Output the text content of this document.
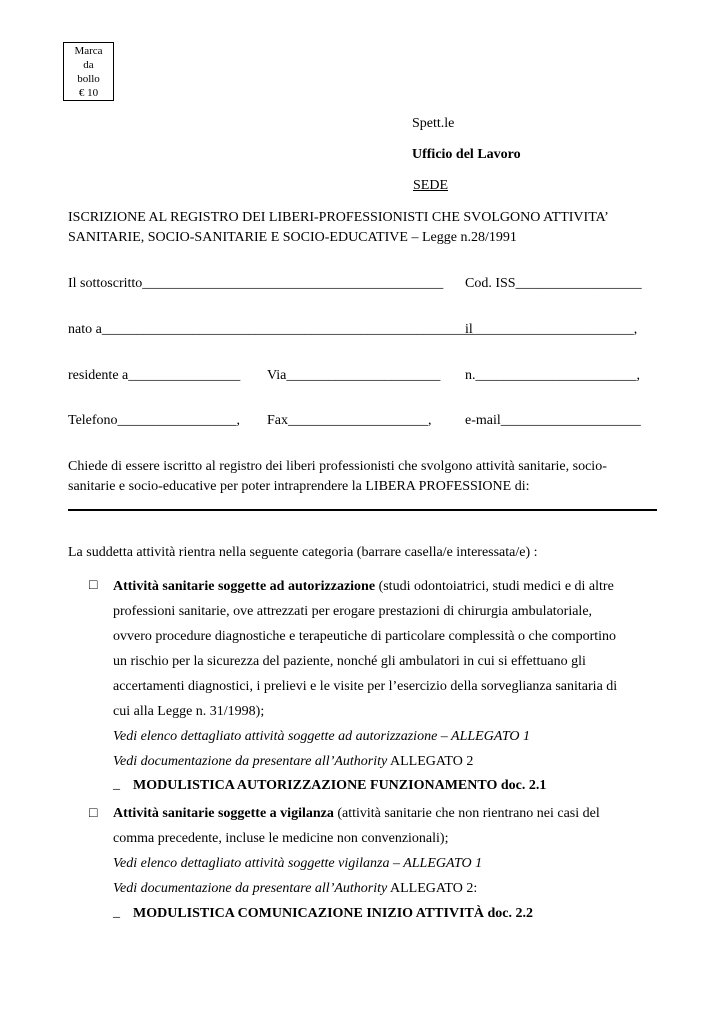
Marca
da
bollo
€ 10
Spett.le
Ufficio del Lavoro
SEDE
ISCRIZIONE AL REGISTRO DEI LIBERI-PROFESSIONISTI CHE SVOLGONO ATTIVITA’
SANITARIE, SOCIO-SANITARIE E SOCIO-EDUCATIVE – Legge n.28/1991
Il sottoscritto___________________________________________ Cod. ISS__________________
nato a_____________________________________________________
il_______________________,
residente a________________ Via______________________ n._______________________,
Telefono_________________, Fax____________________, e-mail____________________
Chiede di essere iscritto al registro dei liberi professionisti che svolgono attività sanitarie, socio-
sanitarie e socio-educative per poter intraprendere la LIBERA PROFESSIONE di:
La suddetta attività rientra nella seguente categoria (barrare casella/e interessata/e) :
□ Attività sanitarie soggette ad autorizzazione (studi odontoiatrici, studi medici e di altre
professioni sanitarie, ove attrezzati per erogare prestazioni di chirurgia ambulatoriale,
ovvero procedure diagnostiche e terapeutiche di particolare complessità o che comportino
un rischio per la sicurezza del paziente, nonché gli ambulatori in cui si effettuano gli
accertamenti diagnostici, i prelievi e le visite per l’esercizio della sorveglianza sanitaria di
cui alla Legge n. 31/1998);
Vedi elenco dettagliato attività soggette ad autorizzazione – ALLEGATO 1
Vedi documentazione da presentare all’Authority ALLEGATO 2
_ MODULISTICA AUTORIZZAZIONE FUNZIONAMENTO doc. 2.1
□ Attività sanitarie soggette a vigilanza (attività sanitarie che non rientrano nei casi del
comma precedente, incluse le medicine non convenzionali);
Vedi elenco dettagliato attività soggette vigilanza – ALLEGATO 1
Vedi documentazione da presentare all’Authority ALLEGATO 2:
_ MODULISTICA COMUNICAZIONE INIZIO ATTIVITÀ doc. 2.2
